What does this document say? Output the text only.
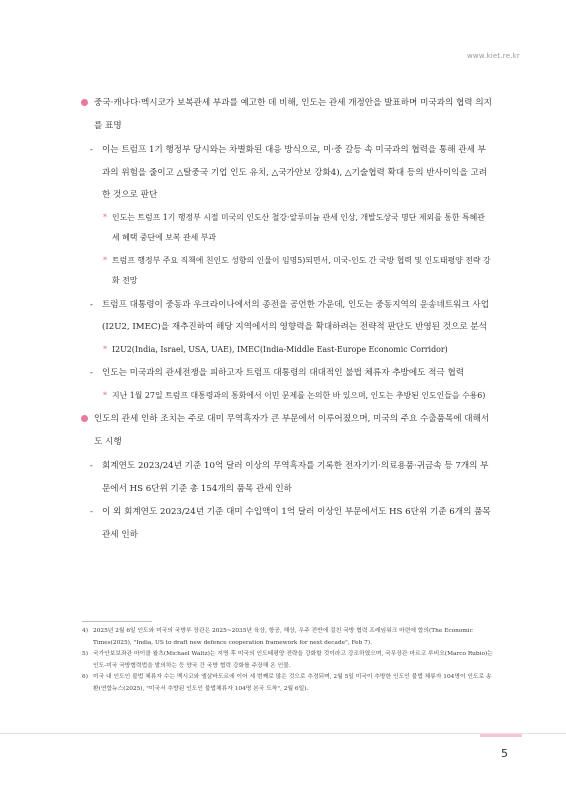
www.kiet.re.kr
중국·캐나다·멕시코가 보복관세 부과를 예고한 데 비해, 인도는 관세 개정안을 발표하며 미국과의 협력 의지를 표명
- 이는 트럼프 1기 행정부 당시와는 차별화된 대응 방식으로, 미·중 갈등 속 미국과의 협력을 통해 관세 부과의 위험을 줄이고 △탈중국 기업 인도 유치, △국가안보 강화4), △기술협력 확대 등의 반사이익을 고려한 것으로 판단
* 인도는 트럼프 1기 행정부 시절 미국의 인도산 철강·알루미늄 관세 인상, 개발도상국 명단 제외를 통한 특혜관세 혜택 중단에 보복 관세 부과
* 트럼프 행정부 주요 직책에 친인도 성향의 인물이 임명5)되면서, 미국-인도 간 국방 협력 및 인도태평양 전략 강화 전망
- 트럼프 대통령이 중동과 우크라이나에서의 종전을 공언한 가운데, 인도는 중동지역의 운송네트워크 사업(I2U2, IMEC)을 재추진하여 해당 지역에서의 영향력을 확대하려는 전략적 판단도 반영된 것으로 분석
* I2U2(India, Israel, USA, UAE), IMEC(India-Middle East-Europe Economic Corridor)
- 인도는 미국과의 관세전쟁을 피하고자 트럼프 대통령의 대대적인 불법 체류자 추방에도 적극 협력
* 지난 1월 27일 트럼프 대통령과의 통화에서 이민 문제를 논의한 바 있으며, 인도는 추방된 인도인들을 수용6)
인도의 관세 인하 조치는 주로 대미 무역흑자가 큰 부문에서 이루어졌으며, 미국의 주요 수출품목에 대해서도 시행
- 회계연도 2023/24년 기준 10억 달러 이상의 무역흑자를 기록한 전자기기·의료용품·귀금속 등 7개의 부문에서 HS 6단위 기준 총 154개의 품목 관세 인하
- 이 외 회계연도 2023/24년 기준 대미 수입액이 1억 달러 이상인 부문에서도 HS 6단위 기준 6개의 품목 관세 인하
4) 2025년 2월 6일 인도와 미국의 국방부 장관은 2025~2035년 육상, 항공, 해상, 우주 전반에 걸친 국방 협력 프레임워크 마련에 합의(The Economic Times(2025), "India, US to draft new defence cooperation framework for next decade", Feb 7).
5) 국가안보보좌관 마이클 왈츠(Michael Waltz)는 지명 후 미국의 인도태평양 전략을 강화할 것이라고 강조하였으며, 국무장관 마르코 루비오(Marco Rubio)는 인도-미국 국방협력법을 발의하는 등 양국 간 국방 협력 강화를 주장해 온 인물.
6) 미국 내 인도인 불법 체류자 수는 멕시코와 엘살바도르에 이어 세 번째로 많은 것으로 추정되며, 2월 5일 미국이 추방한 인도인 불법 체류자 104명이 인도로 송환(연합뉴스(2025), "미국서 추방된 인도인 불법체류자 104명 본국 도착", 2월 6일).
5
